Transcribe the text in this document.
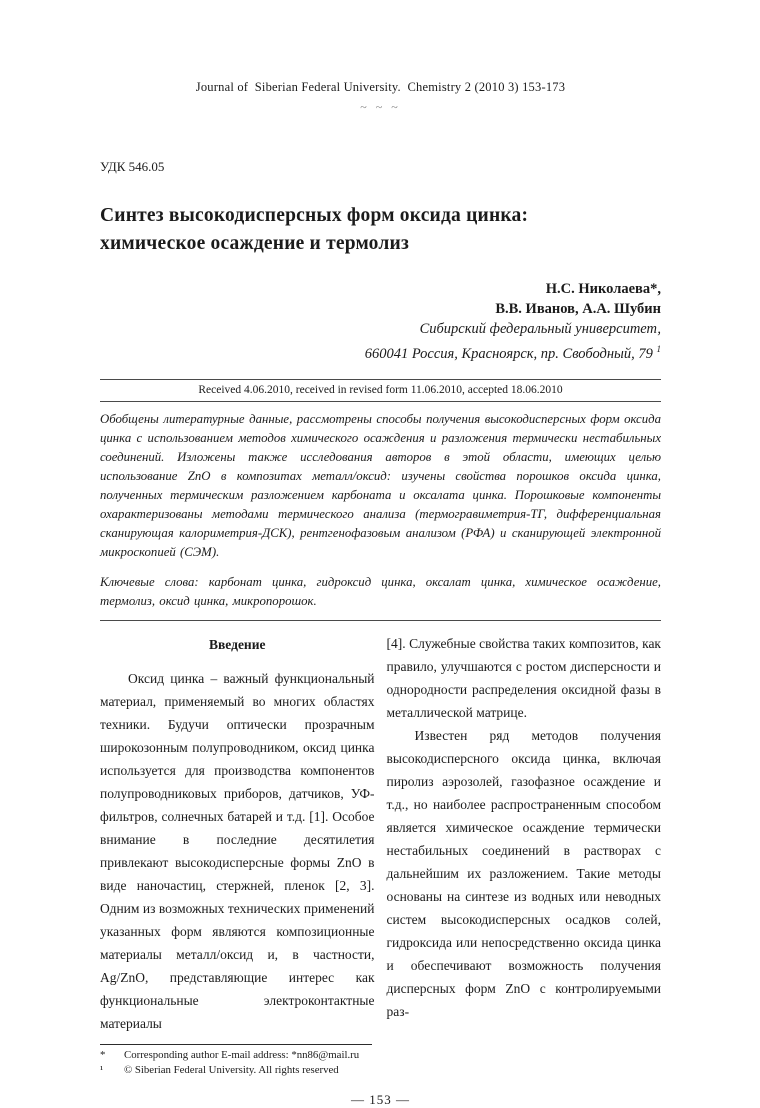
Journal of  Siberian Federal University.  Chemistry 2 (2010 3) 153-173
~ ~ ~
УДК 546.05
Синтез высокодисперсных форм оксида цинка:
химическое осаждение и термолиз
Н.С. Николаева*,
В.В. Иванов, А.А. Шубин
Сибирский федеральный университет,
660041 Россия, Красноярск, пр. Свободный, 79 $^1$
Received 4.06.2010, received in revised form 11.06.2010, accepted 18.06.2010
Обобщены литературные данные, рассмотрены способы получения высокодисперсных форм оксида цинка с использованием методов химического осаждения и разложения термически нестабильных соединений. Изложены также исследования авторов в этой области, имеющих целью использование ZnO в композитах металл/оксид: изучены свойства порошков оксида цинка, полученных термическим разложением карбоната и оксалата цинка. Порошковые компоненты охарактеризованы методами термического анализа (термогравиметрия-ТГ, дифференциальная сканирующая калориметрия-ДСК), рентгенофазовым анализом (РФА) и сканирующей электронной микроскопией (СЭМ).
Ключевые слова: карбонат цинка, гидроксид цинка, оксалат цинка, химическое осаждение, термолиз, оксид цинка, микропорошок.
Введение

Оксид цинка – важный функциональный материал, применяемый во многих областях техники. Будучи оптически прозрачным широкозонным полупроводником, оксид цинка используется для производства компонентов полупроводниковых приборов, датчиков, УФ-фильтров, солнечных батарей и т.д. [1]. Особое внимание в последние десятилетия привлекают высокодисперсные формы ZnO в виде наночастиц, стержней, пленок [2, 3]. Одним из возможных технических применений указанных форм являются композиционные материалы металл/оксид и, в частности, Ag/ZnO, представляющие интерес как функциональные электроконтактные материалы

*	Corresponding author E-mail address: *nn86@mail.ru
¹	© Siberian Federal University. All rights reserved

[4]. Служебные свойства таких композитов, как правило, улучшаются с ростом дисперсности и однородности распределения оксидной фазы в металлической матрице.

Известен ряд методов получения высокодисперсного оксида цинка, включая пиролиз аэрозолей, газофазное осаждение и т.д., но наиболее распространенным способом является химическое осаждение термически нестабильных соединений в растворах с дальнейшим их разложением. Такие методы основаны на синтезе из водных или неводных систем высокодисперсных осадков солей, гидроксида или непосредственно оксида цинка и обеспечивают возможность получения дисперсных форм ZnO с контролируемыми раз-

— 153 —
